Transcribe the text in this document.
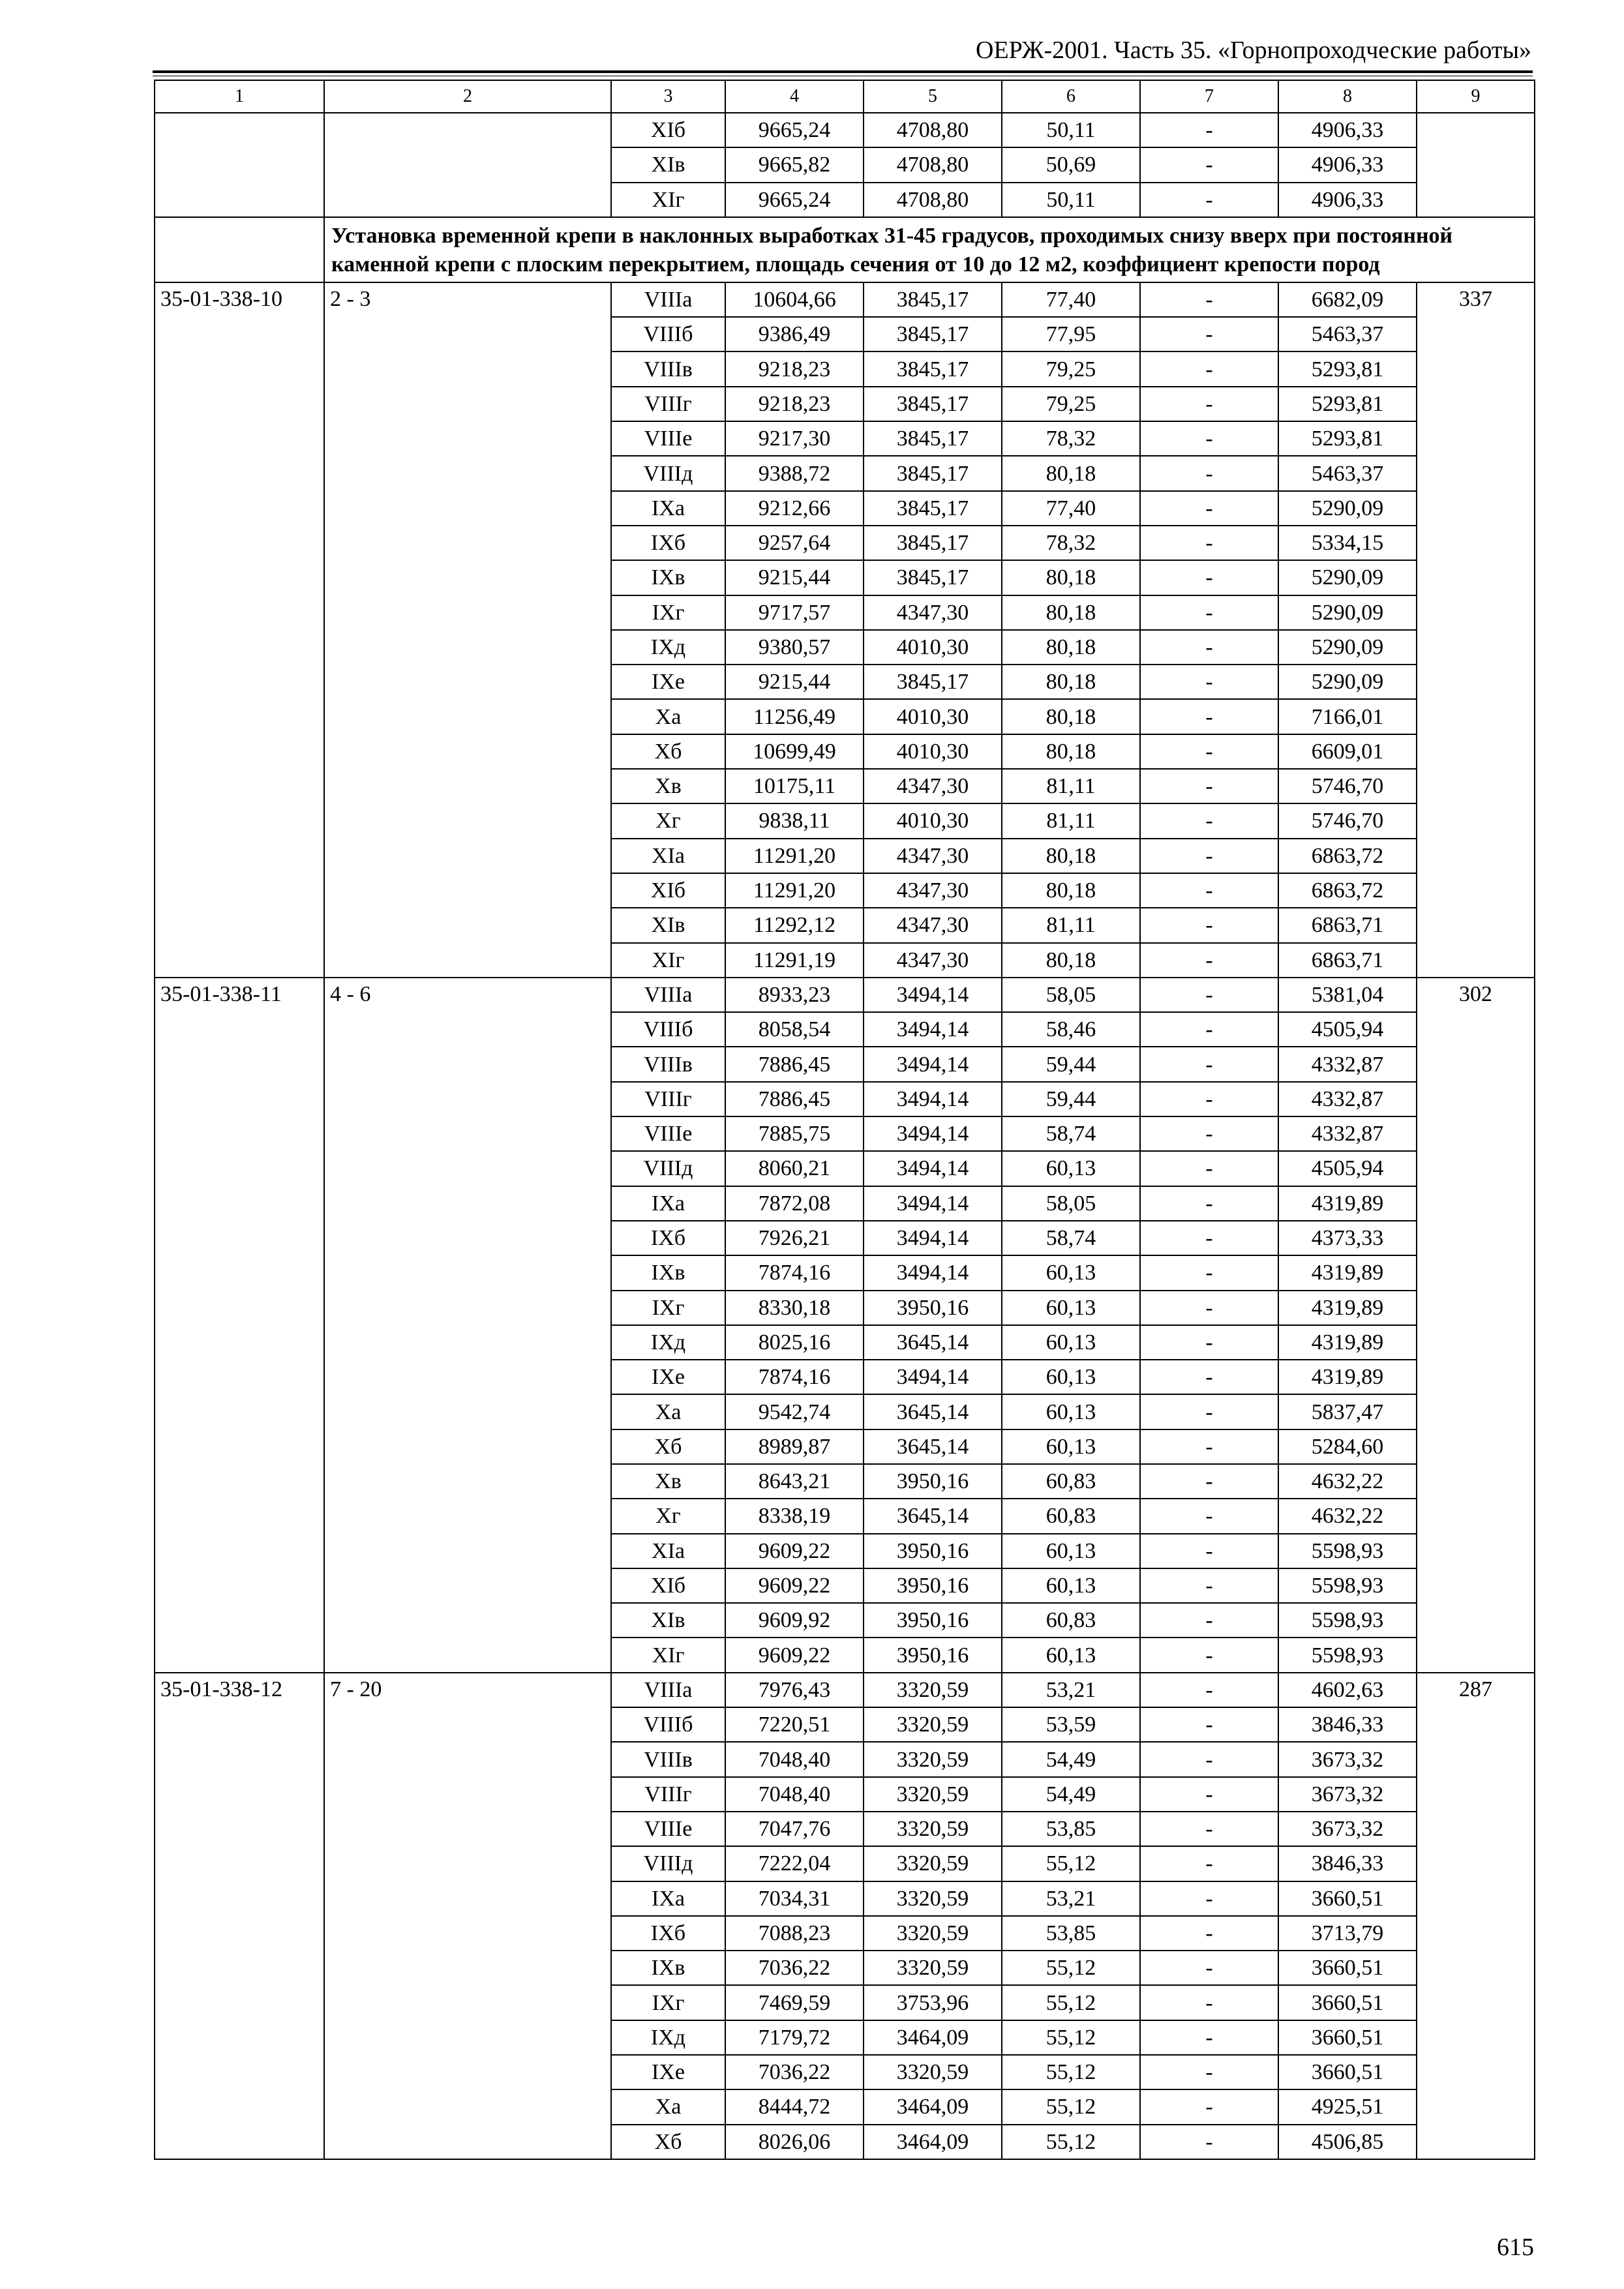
ОЕРЖ-2001. Часть 35. «Горнопроходческие работы»
1	2	3	4	5	6	7	8	9
		XIб	9665,24	4708,80	50,11	-	4906,33	
		XIв	9665,82	4708,80	50,69	-	4906,33	
		XIг	9665,24	4708,80	50,11	-	4906,33	
	Установка временной крепи в наклонных выработках 31-45 градусов, проходимых снизу вверх при постоянной каменной крепи с плоским перекрытием, площадь сечения от 10 до 12 м2, коэффициент крепости пород							
35-01-338-10	2 - 3	VIIIа	10604,66	3845,17	77,40	-	6682,09	337
		VIIIб	9386,49	3845,17	77,95	-	5463,37	
		VIIIв	9218,23	3845,17	79,25	-	5293,81	
		VIIIг	9218,23	3845,17	79,25	-	5293,81	
		VIIIе	9217,30	3845,17	78,32	-	5293,81	
		VIIIд	9388,72	3845,17	80,18	-	5463,37	
		IXа	9212,66	3845,17	77,40	-	5290,09	
		IXб	9257,64	3845,17	78,32	-	5334,15	
		IXв	9215,44	3845,17	80,18	-	5290,09	
		IXг	9717,57	4347,30	80,18	-	5290,09	
		IXд	9380,57	4010,30	80,18	-	5290,09	
		IXе	9215,44	3845,17	80,18	-	5290,09	
		Xа	11256,49	4010,30	80,18	-	7166,01	
		Xб	10699,49	4010,30	80,18	-	6609,01	
		Xв	10175,11	4347,30	81,11	-	5746,70	
		Xг	9838,11	4010,30	81,11	-	5746,70	
		XIа	11291,20	4347,30	80,18	-	6863,72	
		XIб	11291,20	4347,30	80,18	-	6863,72	
		XIв	11292,12	4347,30	81,11	-	6863,71	
		XIг	11291,19	4347,30	80,18	-	6863,71	
35-01-338-11	4 - 6	VIIIа	8933,23	3494,14	58,05	-	5381,04	302
		VIIIб	8058,54	3494,14	58,46	-	4505,94	
		VIIIв	7886,45	3494,14	59,44	-	4332,87	
		VIIIг	7886,45	3494,14	59,44	-	4332,87	
		VIIIе	7885,75	3494,14	58,74	-	4332,87	
		VIIIд	8060,21	3494,14	60,13	-	4505,94	
		IXа	7872,08	3494,14	58,05	-	4319,89	
		IXб	7926,21	3494,14	58,74	-	4373,33	
		IXв	7874,16	3494,14	60,13	-	4319,89	
		IXг	8330,18	3950,16	60,13	-	4319,89	
		IXд	8025,16	3645,14	60,13	-	4319,89	
		IXе	7874,16	3494,14	60,13	-	4319,89	
		Xа	9542,74	3645,14	60,13	-	5837,47	
		Xб	8989,87	3645,14	60,13	-	5284,60	
		Xв	8643,21	3950,16	60,83	-	4632,22	
		Xг	8338,19	3645,14	60,83	-	4632,22	
		XIа	9609,22	3950,16	60,13	-	5598,93	
		XIб	9609,22	3950,16	60,13	-	5598,93	
		XIв	9609,92	3950,16	60,83	-	5598,93	
		XIг	9609,22	3950,16	60,13	-	5598,93	
35-01-338-12	7 - 20	VIIIа	7976,43	3320,59	53,21	-	4602,63	287
		VIIIб	7220,51	3320,59	53,59	-	3846,33	
		VIIIв	7048,40	3320,59	54,49	-	3673,32	
		VIIIг	7048,40	3320,59	54,49	-	3673,32	
		VIIIе	7047,76	3320,59	53,85	-	3673,32	
		VIIIд	7222,04	3320,59	55,12	-	3846,33	
		IXа	7034,31	3320,59	53,21	-	3660,51	
		IXб	7088,23	3320,59	53,85	-	3713,79	
		IXв	7036,22	3320,59	55,12	-	3660,51	
		IXг	7469,59	3753,96	55,12	-	3660,51	
		IXд	7179,72	3464,09	55,12	-	3660,51	
		IXе	7036,22	3320,59	55,12	-	3660,51	
		Xа	8444,72	3464,09	55,12	-	4925,51	
		Xб	8026,06	3464,09	55,12	-	4506,85	
615
